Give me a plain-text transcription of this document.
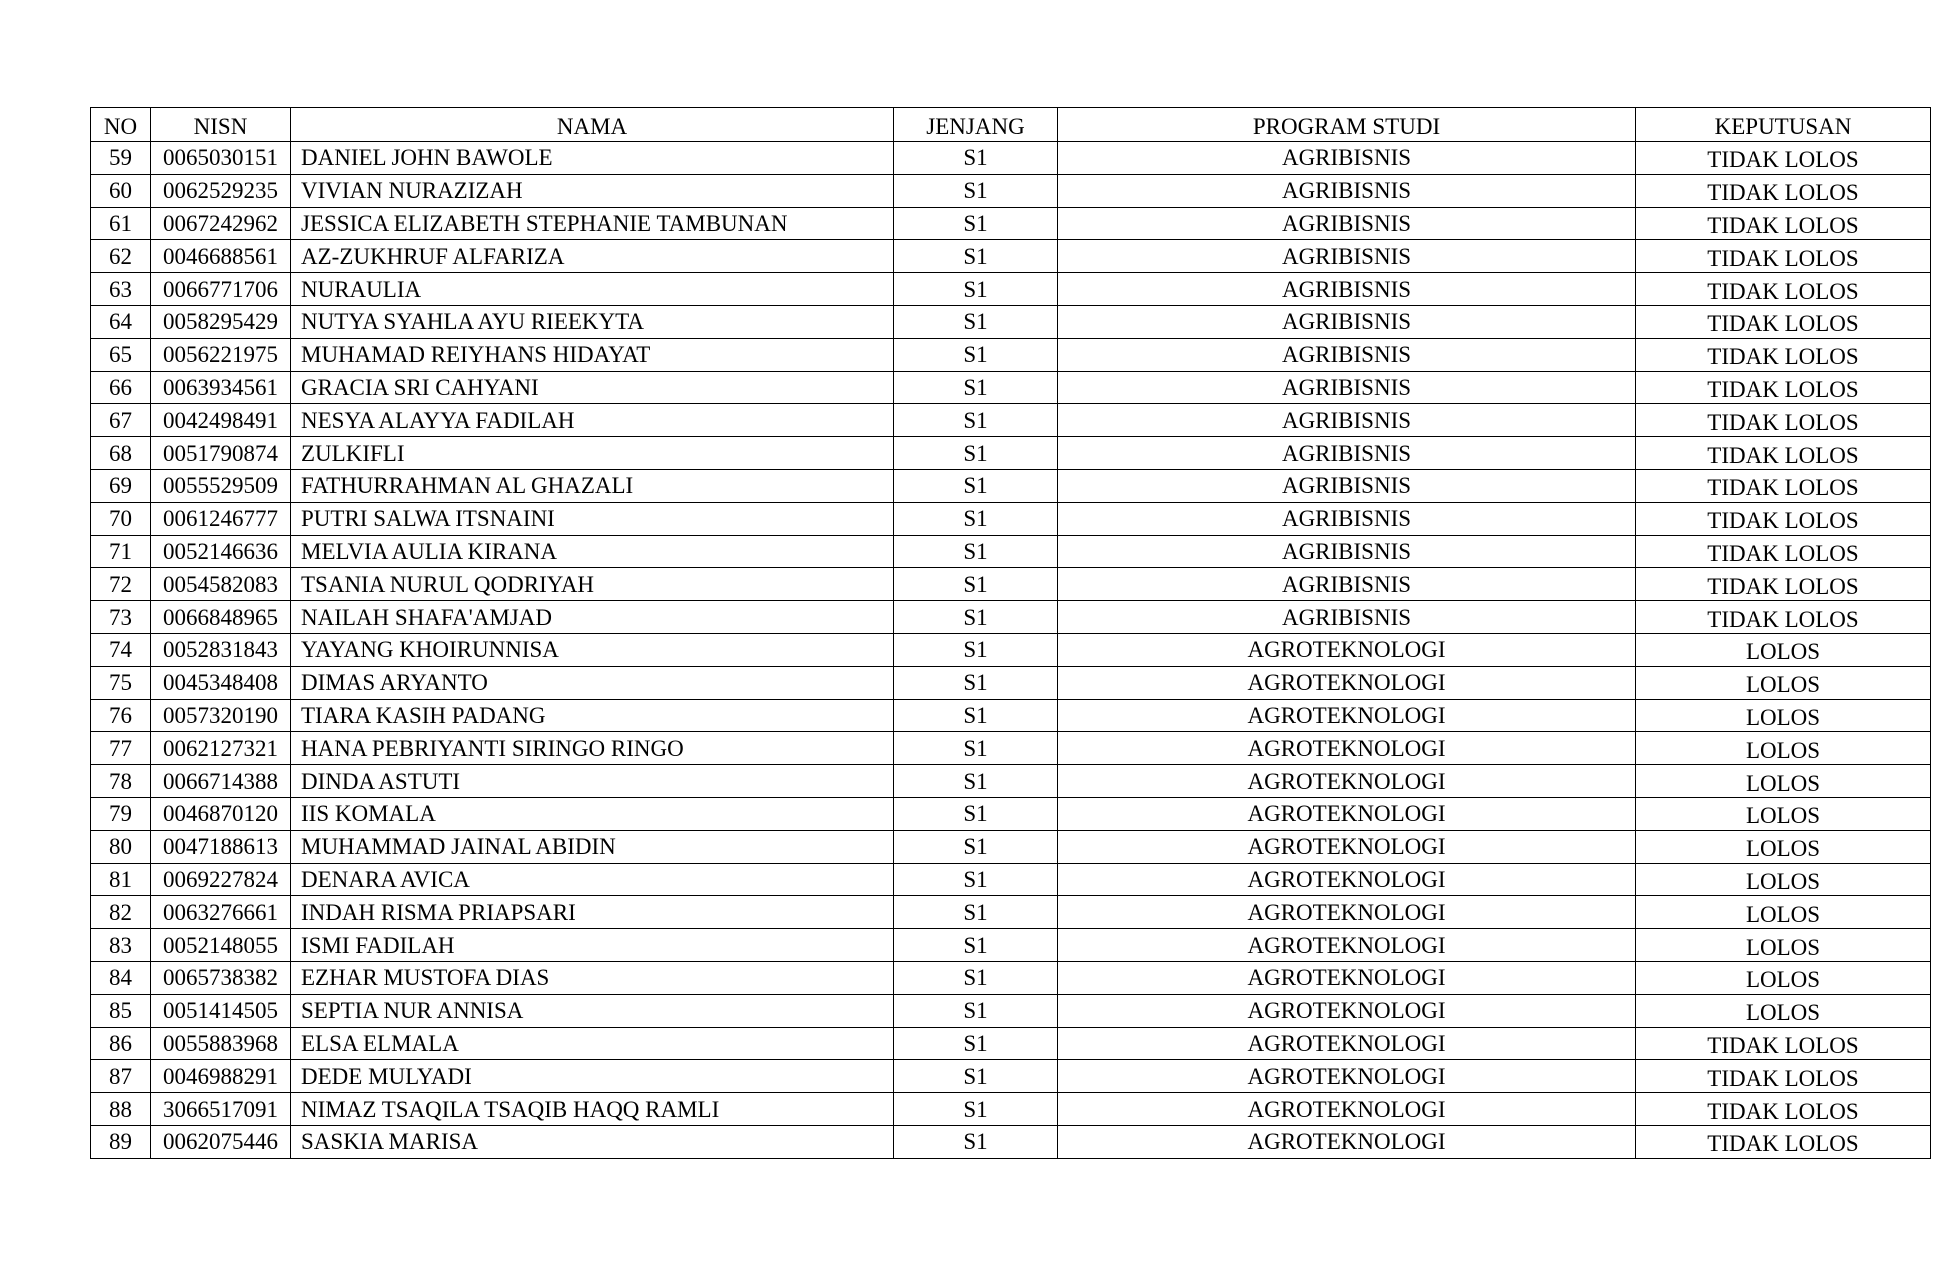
NO	NISN	NAMA	JENJANG	PROGRAM STUDI	KEPUTUSAN
59	0065030151	DANIEL JOHN BAWOLE	S1	AGRIBISNIS	TIDAK LOLOS
60	0062529235	VIVIAN NURAZIZAH	S1	AGRIBISNIS	TIDAK LOLOS
61	0067242962	JESSICA ELIZABETH STEPHANIE TAMBUNAN	S1	AGRIBISNIS	TIDAK LOLOS
62	0046688561	AZ-ZUKHRUF ALFARIZA	S1	AGRIBISNIS	TIDAK LOLOS
63	0066771706	NURAULIA	S1	AGRIBISNIS	TIDAK LOLOS
64	0058295429	NUTYA SYAHLA AYU RIEEKYTA	S1	AGRIBISNIS	TIDAK LOLOS
65	0056221975	MUHAMAD REIYHANS HIDAYAT	S1	AGRIBISNIS	TIDAK LOLOS
66	0063934561	GRACIA SRI CAHYANI	S1	AGRIBISNIS	TIDAK LOLOS
67	0042498491	NESYA ALAYYA FADILAH	S1	AGRIBISNIS	TIDAK LOLOS
68	0051790874	ZULKIFLI	S1	AGRIBISNIS	TIDAK LOLOS
69	0055529509	FATHURRAHMAN AL GHAZALI	S1	AGRIBISNIS	TIDAK LOLOS
70	0061246777	PUTRI SALWA ITSNAINI	S1	AGRIBISNIS	TIDAK LOLOS
71	0052146636	MELVIA AULIA KIRANA	S1	AGRIBISNIS	TIDAK LOLOS
72	0054582083	TSANIA NURUL QODRIYAH	S1	AGRIBISNIS	TIDAK LOLOS
73	0066848965	NAILAH SHAFA'AMJAD	S1	AGRIBISNIS	TIDAK LOLOS
74	0052831843	YAYANG KHOIRUNNISA	S1	AGROTEKNOLOGI	LOLOS
75	0045348408	DIMAS ARYANTO	S1	AGROTEKNOLOGI	LOLOS
76	0057320190	TIARA KASIH PADANG	S1	AGROTEKNOLOGI	LOLOS
77	0062127321	HANA PEBRIYANTI SIRINGO RINGO	S1	AGROTEKNOLOGI	LOLOS
78	0066714388	DINDA ASTUTI	S1	AGROTEKNOLOGI	LOLOS
79	0046870120	IIS KOMALA	S1	AGROTEKNOLOGI	LOLOS
80	0047188613	MUHAMMAD JAINAL ABIDIN	S1	AGROTEKNOLOGI	LOLOS
81	0069227824	DENARA AVICA	S1	AGROTEKNOLOGI	LOLOS
82	0063276661	INDAH RISMA PRIAPSARI	S1	AGROTEKNOLOGI	LOLOS
83	0052148055	ISMI FADILAH	S1	AGROTEKNOLOGI	LOLOS
84	0065738382	EZHAR MUSTOFA DIAS	S1	AGROTEKNOLOGI	LOLOS
85	0051414505	SEPTIA NUR ANNISA	S1	AGROTEKNOLOGI	LOLOS
86	0055883968	ELSA ELMALA	S1	AGROTEKNOLOGI	TIDAK LOLOS
87	0046988291	DEDE MULYADI	S1	AGROTEKNOLOGI	TIDAK LOLOS
88	3066517091	NIMAZ TSAQILA TSAQIB HAQQ RAMLI	S1	AGROTEKNOLOGI	TIDAK LOLOS
89	0062075446	SASKIA MARISA	S1	AGROTEKNOLOGI	TIDAK LOLOS
